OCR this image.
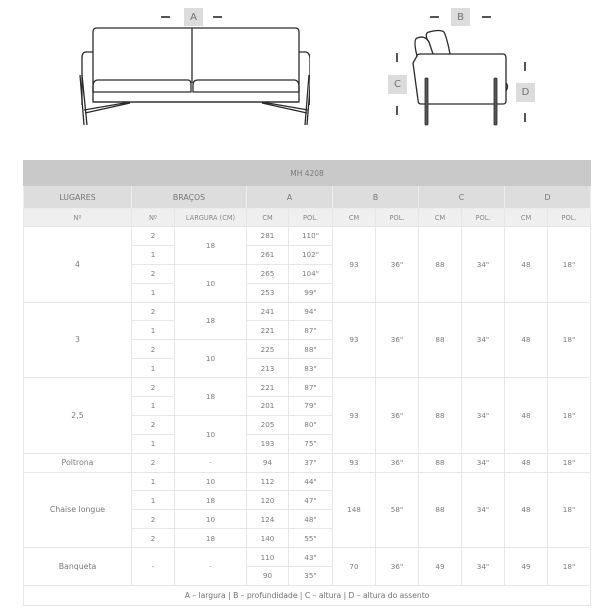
A	B
C
D
MH 4208										
LUGARES	BRAÇOS		A		B		C		D	
Nº	Nº	LARGURA (CM)	CM	POL.	CM	POL.	CM	POL.	CM	POL.
4	2	18	281	110"	93	36"	88	34"	48	18"
	1		261	102"						
	2	10	265	104"						
	1		253	99"						
3	2	18	241	94"	93	36"	88	34"	48	18"
	1		221	87"						
	2	10	225	88"						
	1		213	83"						
2,5	2	18	221	87"	93	36"	88	34"	48	18"
	1		201	79"						
	2	10	205	80"						
	1		193	75"						
Poltrona	2	-	94	37"	93	36"	88	34"	48	18"
Chaise longue	1	10	112	44"	148	58"	88	34"	48	18"
	1	18	120	47"						
	2	10	124	48"						
	2	18	140	55"						
Banqueta	-	-	110	43"	70	36"	49	34"	49	18"
			90	35"						
A – largura | B – profundidade | C – altura | D – altura do assento										
